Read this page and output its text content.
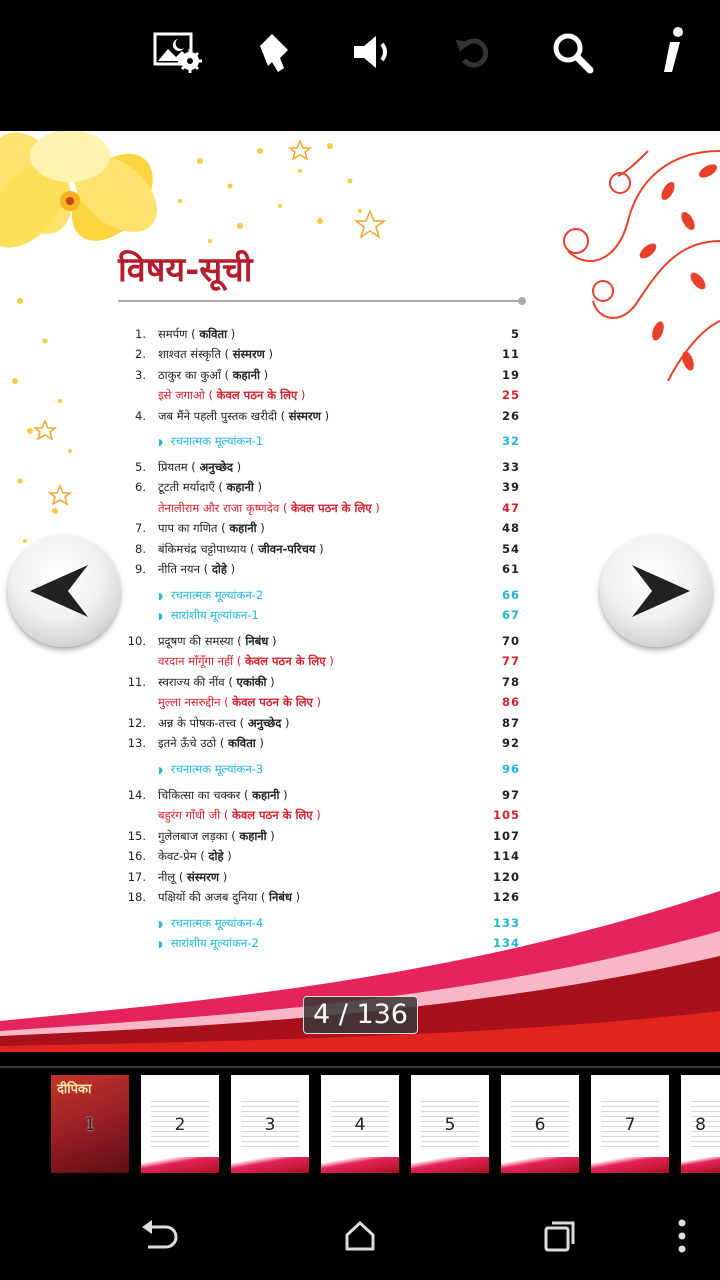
विषय-सूची
1. समर्पण ( कविता )	5
2. शाश्वत संस्कृति ( संस्मरण )	11
3. ठाकुर का कुआँ ( कहानी )	19
इसे जगाओ ( केवल पठन के लिए )	25
4. जब मैंने पहली पुस्तक खरीदी ( संस्मरण )	26
◗ रचनात्मक मूल्यांकन-1	32
5. प्रियतम ( अनुच्छेद )	33
6. टूटती मर्यादाएँ ( कहानी )	39
तेनालीराम और राजा कृष्णदेव ( केवल पठन के लिए )	47
7. पाप का गणित ( कहानी )	48
8. बंकिमचंद्र चट्टोपाध्याय ( जीवन-परिचय )	54
9. नीति नयन ( दोहे )	61
◗ रचनात्मक मूल्यांकन-2	66
◗ सारांशीय मूल्यांकन-1	67
10. प्रदूषण की समस्या ( निबंध )	70
वरदान माँगूँगा नहीं ( केवल पठन के लिए )	77
11. स्वराज्य की नींव ( एकांकी )	78
मुल्ला नसरुद्दीन ( केवल पठन के लिए )	86
12. अन्न के पोषक-तत्त्व ( अनुच्छेद )	87
13. इतने ऊँचे उठो ( कविता )	92
◗ रचनात्मक मूल्यांकन-3	96
14. चिकित्सा का चक्कर ( कहानी )	97
बहुरंग गाँधी जी ( केवल पठन के लिए )	105
15. गुलेलबाज लड़का ( कहानी )	107
16. केवट-प्रेम ( दोहे )	114
17. नीलू ( संस्मरण )	120
18. पक्षियों की अजब दुनिया ( निबंध )	126
◗ रचनात्मक मूल्यांकन-4	133
◗ सारांशीय मूल्यांकन-2	134
4 / 136
दीपिका
1	2	3	4	5	6	7	8
